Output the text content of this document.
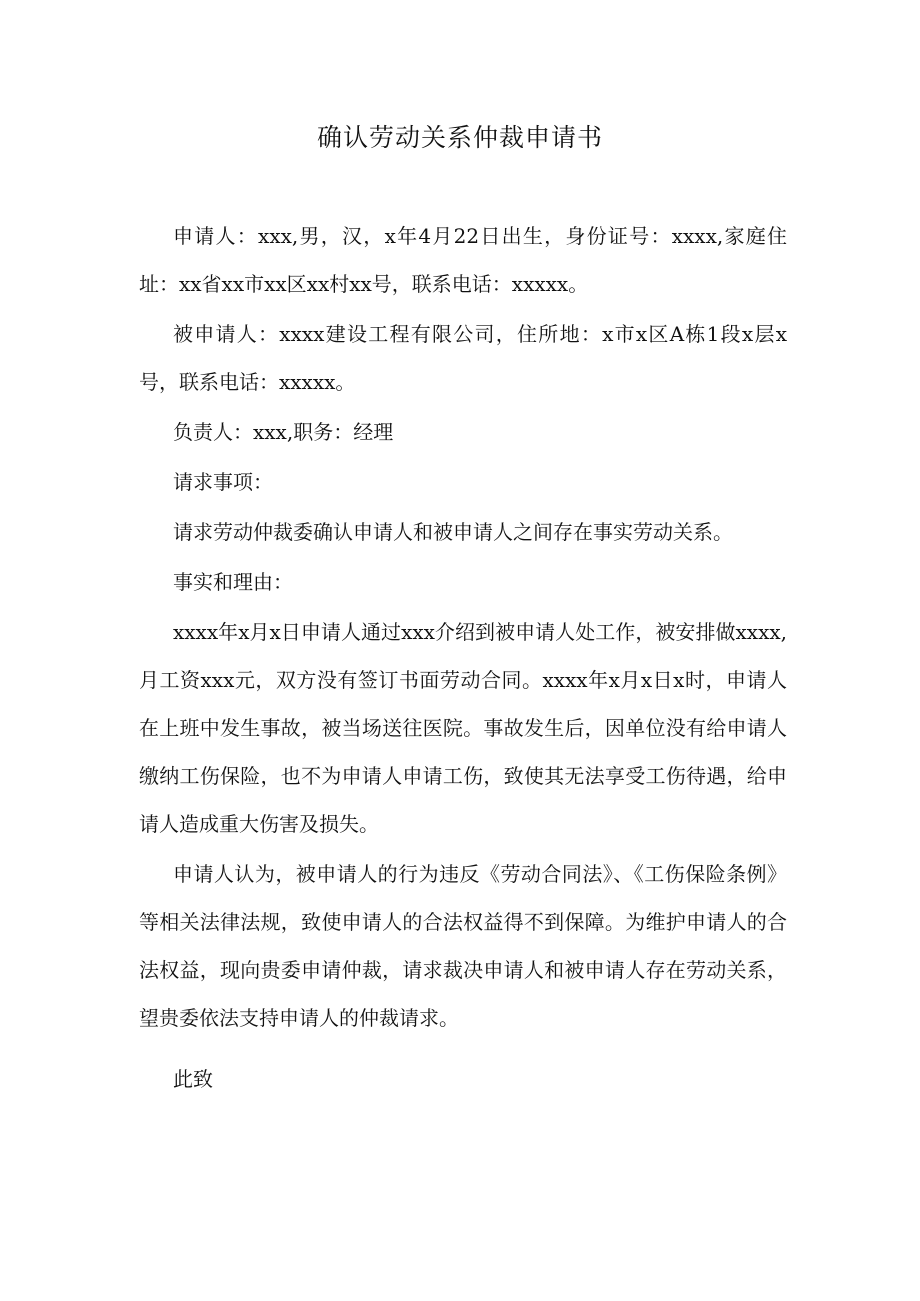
确认劳动关系仲裁申请书

申请人：xxx,男，汉，x年4月22日出生，身份证号：xxxx,家庭住址：xx省xx市xx区xx村xx号，联系电话：xxxxx。

被申请人：xxxx建设工程有限公司，住所地：x市x区A栋1段x层x号，联系电话：xxxxx。

负责人：xxx,职务：经理

请求事项：

请求劳动仲裁委确认申请人和被申请人之间存在事实劳动关系。

事实和理由：

xxxx年x月x日申请人通过xxx介绍到被申请人处工作，被安排做xxxx,月工资xxx元，双方没有签订书面劳动合同。xxxx年x月x日x时，申请人在上班中发生事故，被当场送往医院。事故发生后，因单位没有给申请人缴纳工伤保险，也不为申请人申请工伤，致使其无法享受工伤待遇，给申请人造成重大伤害及损失。

申请人认为，被申请人的行为违反《劳动合同法》、《工伤保险条例》等相关法律法规，致使申请人的合法权益得不到保障。为维护申请人的合法权益，现向贵委申请仲裁，请求裁决申请人和被申请人存在劳动关系，望贵委依法支持申请人的仲裁请求。

此致
